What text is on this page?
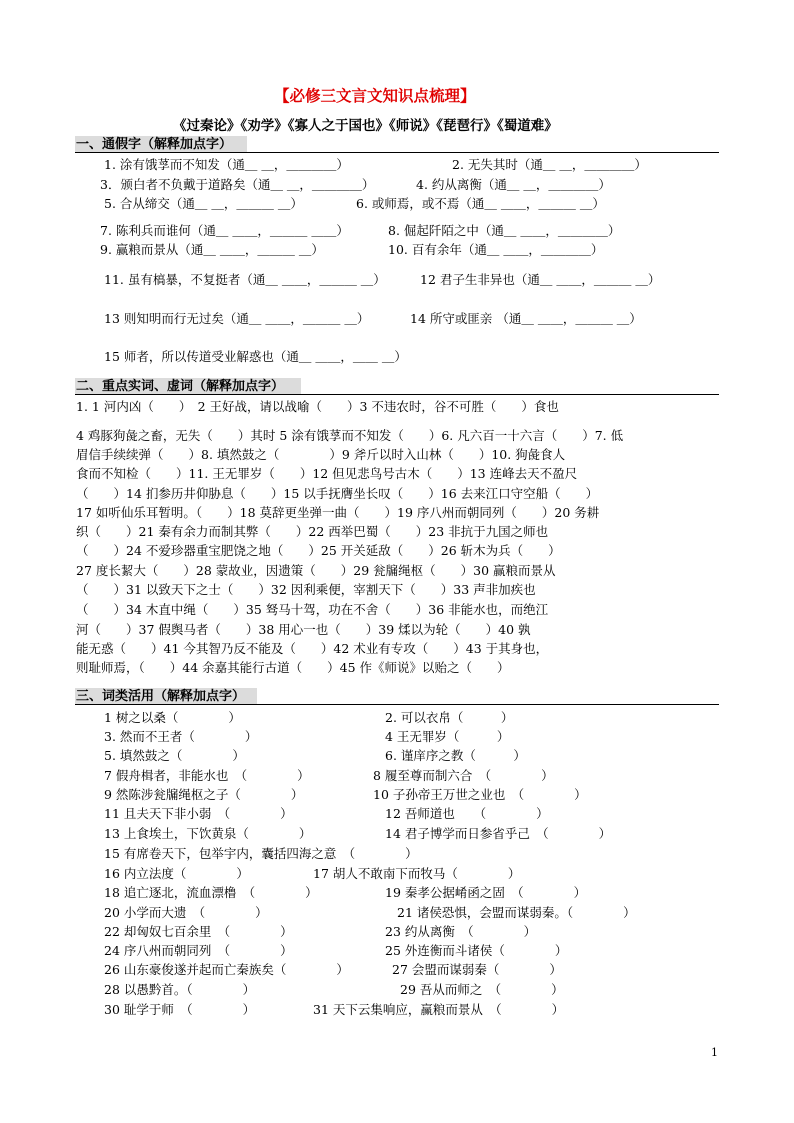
【必修三文言文知识点梳理】
《过秦论》《劝学》《寡人之于国也》《师说》《琵琶行》《蜀道难》
一、通假字（解释加点字）
1. 涂有饿莩而不知发（通＿ ＿，＿＿＿＿）	2. 无失其时（通＿ ＿，＿＿＿＿）
3．颁白者不负戴于道路矣（通＿ ＿，＿＿＿＿）	4. 约从离衡（通＿ ＿，＿＿＿＿）
5. 合从缔交（通＿ ＿，＿＿＿ ＿）	6. 或师焉，或不焉（通＿ ＿＿，＿＿＿ ＿）
7. 陈利兵而谁何（通＿ ＿＿，＿＿＿ ＿＿）	8. 倔起阡陌之中（通＿ ＿＿，＿＿＿＿）
9. 赢粮而景从（通＿ ＿＿，＿＿＿ ＿）	10. 百有余年（通＿ ＿＿，＿＿＿＿）
11. 虽有槁暴，不复挺者（通＿ ＿＿，＿＿＿ ＿）	12 君子生非异也（通＿ ＿＿，＿＿＿ ＿）
13 则知明而行无过矣（通＿ ＿＿，＿＿＿ ＿）	14 所守或匪亲 （通＿ ＿＿，＿＿＿ ＿）
15 师者，所以传道受业解惑也（通＿ ＿＿，＿＿ ＿）
二、重点实词、虚词（解释加点字）
1. 1 河内凶（　　）　2 王好战，请以战喻（　　）3 不违农时，谷不可胜（　　）食也
4 鸡豚狗彘之畜，无失（　　）其时 5 涂有饿莩而不知发（　　）6. 凡六百一十六言（　　）7. 低
眉信手续续弹（　　）8. 填然鼓之（　　　　）9 斧斤以时入山林（　　）10. 狗彘食人
食而不知检（　　）11. 王无罪岁（　　）12 但见悲鸟号古木（　　）13 连峰去天不盈尺
（　　）14 扪参历井仰胁息（　　）15 以手抚膺坐长叹（　　）16 去来江口守空船（　　）
17 如听仙乐耳暂明。（　　）18 莫辞更坐弹一曲（　　）19 序八州而朝同列（　　）20 务耕
织（　　）21 秦有余力而制其弊（　　）22 西举巴蜀（　　）23 非抗于九国之师也
（　　）24 不爱珍器重宝肥饶之地（　　）25 开关延敌（　　）26 斩木为兵（　　）
27 度长絜大（　　）28 蒙故业，因遗策（　　）29 瓮牖绳枢（　　）30 赢粮而景从
（　　）31 以致天下之士（　　）32 因利乘便，宰割天下（　　）33 声非加疾也
（　　）34 木直中绳（　　）35 驽马十驾，功在不舍（　　）36 非能水也，而绝江
河（　　）37 假舆马者（　　）38 用心一也（　　）39 煣以为轮（　　）40 孰
能无惑（　　）41 今其智乃反不能及（　　）42 术业有专攻（　　）43 于其身也，
则耻师焉，（　　）44 余嘉其能行古道（　　）45 作《师说》以贻之（　　）
三、词类活用（解释加点字）
1 树之以桑（　　　　）	2. 可以衣帛（　　　）
3. 然而不王者（　　　　）	4 王无罪岁（　　　）
5. 填然鼓之（　　　　）	6. 谨庠序之教（　　　）
7 假舟楫者，非能水也　（　　　　）	8 履至尊而制六合　（　　　　）
9 然陈涉瓮牖绳枢之子（　　　　）	10 子孙帝王万世之业也　（　　　　）
11 且夫天下非小弱　（　　　　）	12 吾师道也　　（　　　　）
13 上食埃土，下饮黄泉（　　　　）	14 君子博学而日参省乎己　（　　　　）
15 有席卷天下，包举宇内，囊括四海之意　（　　　　）
16 内立法度（　　　　）	17 胡人不敢南下而牧马（　　　　）
18 追亡逐北，流血漂橹　（　　　　）	19 秦孝公据崤函之固　（　　　　）
20 小学而大遗　（　　　　）	21 诸侯恐惧，会盟而谋弱秦。（　　　　）
22 却匈奴七百余里　（　　　　）	23 约从离衡　（　　　　）
24 序八州而朝同列　（　　　　）	25 外连衡而斗诸侯（　　　　）
26 山东豪俊遂并起而亡秦族矣（　　　　）	27 会盟而谋弱秦（　　　　）
28 以愚黔首。（　　　　）	29 吾从而师之　（　　　　）
30 耻学于师　（　　　　）	31 天下云集响应，赢粮而景从　（　　　　）
1
